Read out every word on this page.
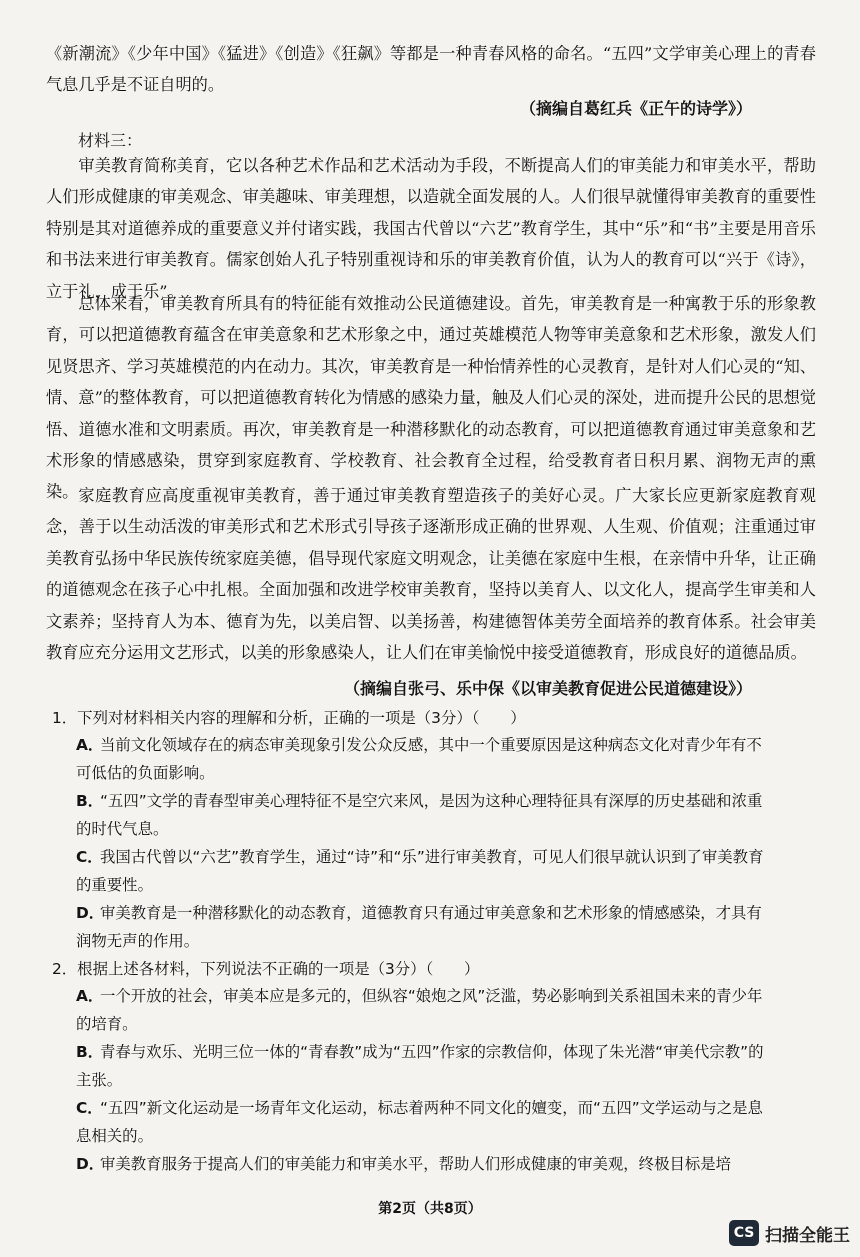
《新潮流》《少年中国》《猛进》《创造》《狂飙》等都是一种青春风格的命名。“五四”文学审美心理上的青春气息几乎是不证自明的。

（摘编自葛红兵《正午的诗学》）

材料三：

审美教育简称美育，它以各种艺术作品和艺术活动为手段，不断提高人们的审美能力和审美水平，帮助人们形成健康的审美观念、审美趣味、审美理想，以造就全面发展的人。人们很早就懂得审美教育的重要性特别是其对道德养成的重要意义并付诸实践，我国古代曾以“六艺”教育学生，其中“乐”和“书”主要是用音乐和书法来进行审美教育。儒家创始人孔子特别重视诗和乐的审美教育价值，认为人的教育可以“兴于《诗》，立于礼，成于乐”。

总体来看，审美教育所具有的特征能有效推动公民道德建设。首先，审美教育是一种寓教于乐的形象教育，可以把道德教育蕴含在审美意象和艺术形象之中，通过英雄模范人物等审美意象和艺术形象，激发人们见贤思齐、学习英雄模范的内在动力。其次，审美教育是一种怡情养性的心灵教育，是针对人们心灵的“知、情、意”的整体教育，可以把道德教育转化为情感的感染力量，触及人们心灵的深处，进而提升公民的思想觉悟、道德水准和文明素质。再次，审美教育是一种潜移默化的动态教育，可以把道德教育通过审美意象和艺术形象的情感感染，贯穿到家庭教育、学校教育、社会教育全过程，给受教育者日积月累、润物无声的熏染。 家庭教育应高度重视审美教育，善于通过审美教育塑造孩子的美好心灵。广大家长应更新家庭教育观念，善于以生动活泼的审美形式和艺术形式引导孩子逐渐形成正确的世界观、人生观、价值观；注重通过审美教育弘扬中华民族传统家庭美德，倡导现代家庭文明观念，让美德在家庭中生根，在亲情中升华，让正确的道德观念在孩子心中扎根。全面加强和改进学校审美教育，坚持以美育人、以文化人，提高学生审美和人文素养；坚持育人为本、德育为先，以美启智、以美扬善，构建德智体美劳全面培养的教育体系。社会审美教育应充分运用文艺形式，以美的形象感染人，让人们在审美愉悦中接受道德教育，形成良好的道德品质。

（摘编自张弓、乐中保《以审美教育促进公民道德建设》）

1．下列对材料相关内容的理解和分析，正确的一项是（3分）（　　）

A．当前文化领域存在的病态审美现象引发公众反感，其中一个重要原因是这种病态文化对青少年有不可低估的负面影响。
B．“五四”文学的青春型审美心理特征不是空穴来风，是因为这种心理特征具有深厚的历史基础和浓重的时代气息。
C．我国古代曾以“六艺”教育学生，通过“诗”和“乐”进行审美教育，可见人们很早就认识到了审美教育的重要性。
D．审美教育是一种潜移默化的动态教育，道德教育只有通过审美意象和艺术形象的情感感染，才具有润物无声的作用。

2．根据上述各材料，下列说法不正确的一项是（3分）（　　）

A．一个开放的社会，审美本应是多元的，但纵容“娘炮之风”泛滥，势必影响到关系祖国未来的青少年的培育。
B．青春与欢乐、光明三位一体的“青春教”成为“五四”作家的宗教信仰，体现了朱光潜“审美代宗教”的主张。
C．“五四”新文化运动是一场青年文化运动，标志着两种不同文化的嬗变，而“五四”文学运动与之是息息相关的。
D．审美教育服务于提高人们的审美能力和审美水平，帮助人们形成健康的审美观，终极目标是培
第2页（共8页）
CS 扫描全能王
